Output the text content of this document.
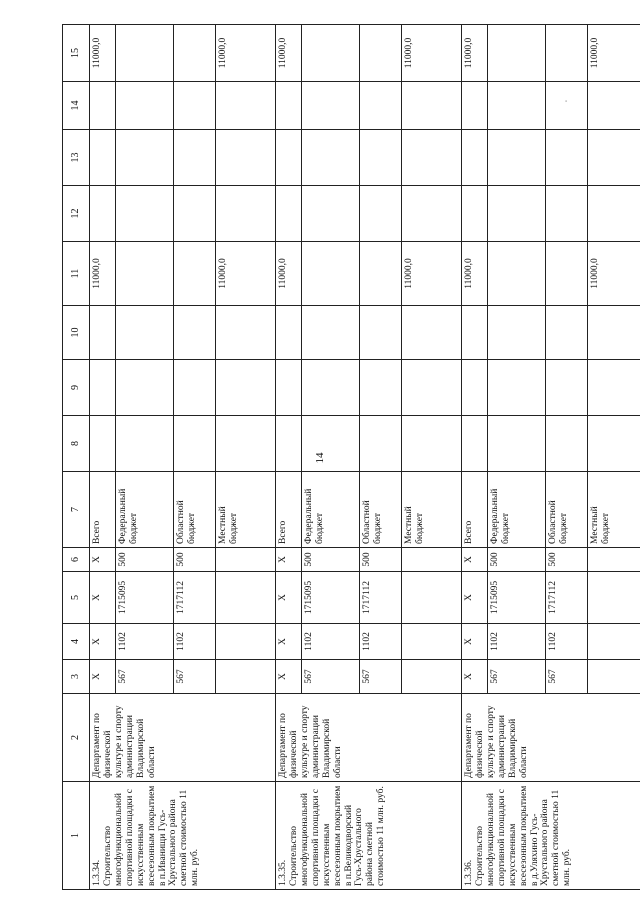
14
1	2	3	4	5	6	7	8	9	10	11	12	13	14	15

1.3.34. Строительство многофункциональной спортивной площадки с искусственным всесезонным покрытием в п.Иванищи Гусь-Хрустального района сметной стоимостью 11 млн. руб.	Департамент по физической культуре и спорту администрации Владимирской области	X	X	X	X	Всего				11000,0				11000,0
		567	1102	1715095	500	Федеральный бюджет								
		567	1102	1717112	500	Областной бюджет								
						Местный бюджет				11000,0				11000,0

1.3.35. Строительство многофункциональной спортивной площадки с искусственным всесезонным покрытием в п.Великодворский Гусь-Хрустального района сметной стоимостью 11 млн. руб.	Департамент по физической культуре и спорту администрации Владимирской области	X	X	X	X	Всего				11000,0				11000,0
		567	1102	1715095	500	Федеральный бюджет								
		567	1102	1717112	500	Областной бюджет								
						Местный бюджет				11000,0				11000,0

1.3.36. Строительство многофункциональной спортивной площадки с искусственным всесезонным покрытием в д.Уляхино Гусь-Хрустального района сметной стоимостью 11 млн. руб.	Департамент по физической культуре и спорту администрации Владимирской области	X	X	X	X	Всего				11000,0				11000,0
		567	1102	1715095	500	Федеральный бюджет								
		567	1102	1717112	500	Областной бюджет								
						Местный бюджет				11000,0				11000,0
⸱
